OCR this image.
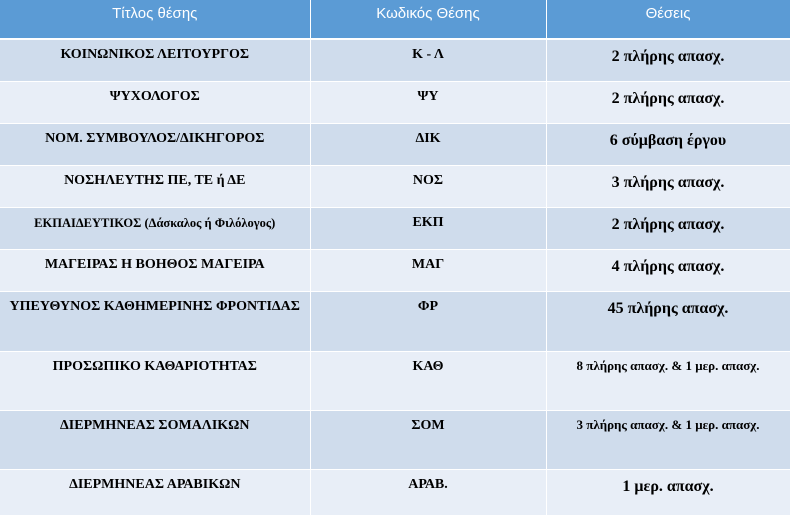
Τίτλος θέσης	Κωδικός Θέσης	Θέσεις
ΚΟΙΝΩΝΙΚΟΣ ΛΕΙΤΟΥΡΓΟΣ	Κ - Λ	2 πλήρης απασχ.
ΨΥΧΟΛΟΓΟΣ	ΨΥ	2 πλήρης απασχ.
ΝΟΜ. ΣΥΜΒΟΥΛΟΣ/ΔΙΚΗΓΟΡΟΣ	ΔΙΚ	6 σύμβαση έργου
ΝΟΣΗΛΕΥΤΗΣ ΠΕ, ΤΕ ή ΔΕ	ΝΟΣ	3 πλήρης απασχ.
ΕΚΠΑΙΔΕΥΤΙΚΟΣ (Δάσκαλος ή Φιλόλογος)	ΕΚΠ	2 πλήρης απασχ.
ΜΑΓΕΙΡΑΣ Η ΒΟΗΘΟΣ ΜΑΓΕΙΡΑ	ΜΑΓ	4 πλήρης απασχ.
ΥΠΕΥΘΥΝΟΣ ΚΑΘΗΜΕΡΙΝΗΣ ΦΡΟΝΤΙΔΑΣ	ΦΡ	45 πλήρης απασχ.
ΠΡΟΣΩΠΙΚΟ ΚΑΘΑΡΙΟΤΗΤΑΣ	ΚΑΘ	8 πλήρης απασχ. & 1 μερ. απασχ.
ΔΙΕΡΜΗΝΕΑΣ ΣΟΜΑΛΙΚΩΝ	ΣΟΜ	3 πλήρης απασχ. & 1 μερ. απασχ.
ΔΙΕΡΜΗΝΕΑΣ ΑΡΑΒΙΚΩΝ	ΑΡΑΒ.	1 μερ. απασχ.
